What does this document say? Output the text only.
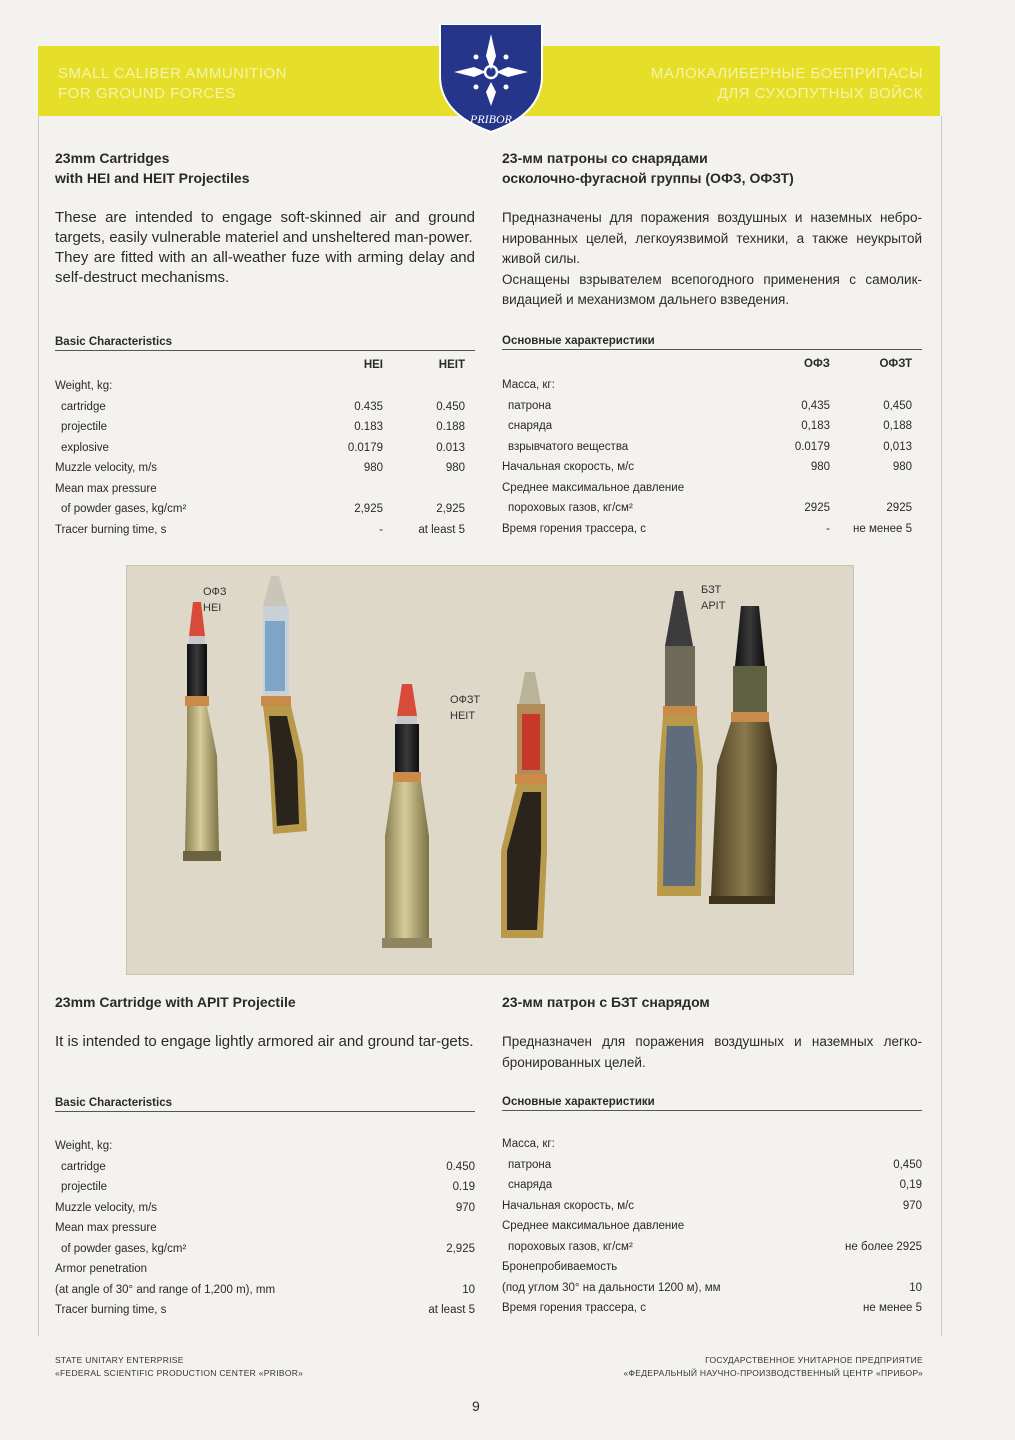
SMALL CALIBER AMMUNITION
FOR GROUND FORCES
МАЛОКАЛИБЕРНЫЕ БОЕПРИПАСЫ
ДЛЯ СУХОПУТНЫХ ВОЙСК
PRIBOR

23mm Cartridges

with HEI and HEIT Projectiles

These are intended to engage soft-skinned air and ground targets, easily vulnerable materiel and unsheltered man-power.

They are fitted with an all-weather fuze with arming delay and self-destruct mechanisms.

Basic Characteristics
	HEI	HEIT
Weight, kg:		
cartridge	0.435	0.450
projectile	0.183	0.188
explosive	0.0179	0.013
Muzzle velocity, m/s	980	980
Mean max pressure		
of powder gases, kg/cm²	2,925	2,925
Tracer burning time, s	-	at least 5

23-мм патроны со снарядами

осколочно-фугасной группы (ОФЗ, ОФЗТ)

Предназначены для поражения воздушных и наземных небро-нированных целей, легкоуязвимой техники, а также неукрытой живой силы.

Оснащены взрывателем всепогодного применения с самолик-видацией и механизмом дальнего взведения.

Основные характеристики
	ОФЗ	ОФЗТ
Масса, кг:		
патрона	0,435	0,450
снаряда	0,183	0,188
взрывчатого вещества	0.0179	0,013
Начальная скорость, м/с	980	980
Среднее максимальное давление		
пороховых газов, кг/см²	2925	2925
Время горения трассера, с	-	не менее 5
ОФЗ
HEI
ОФЗТ
HEIT
БЗТ
APIT

23mm Cartridge with APIT Projectile

It is intended to engage lightly armored air and ground tar-gets.

Basic Characteristics
Weight, kg:	
cartridge	0.450
projectile	0.19
Muzzle velocity, m/s	970
Mean max pressure	
of powder gases, kg/cm²	2,925
Armor penetration	
(at angle of 30° and range of 1,200 m), mm	10
Tracer burning time, s	at least 5

23-мм патрон с БЗТ снарядом

Предназначен для поражения воздушных и наземных легко-бронированных целей.

Основные характеристики
Масса, кг:	
патрона	0,450
снаряда	0,19
Начальная скорость, м/с	970
Среднее максимальное давление	
пороховых газов, кг/см²	не более 2925
Бронепробиваемость	
(под углом 30° на дальности 1200 м), мм	10
Время горения трассера, с	не менее 5
STATE UNITARY ENTERPRISE
«FEDERAL SCIENTIFIC PRODUCTION CENTER «PRIBOR»
ГОСУДАРСТВЕННОЕ УНИТАРНОЕ ПРЕДПРИЯТИЕ
«ФЕДЕРАЛЬНЫЙ НАУЧНО-ПРОИЗВОДСТВЕННЫЙ ЦЕНТР «ПРИБОР»
9
